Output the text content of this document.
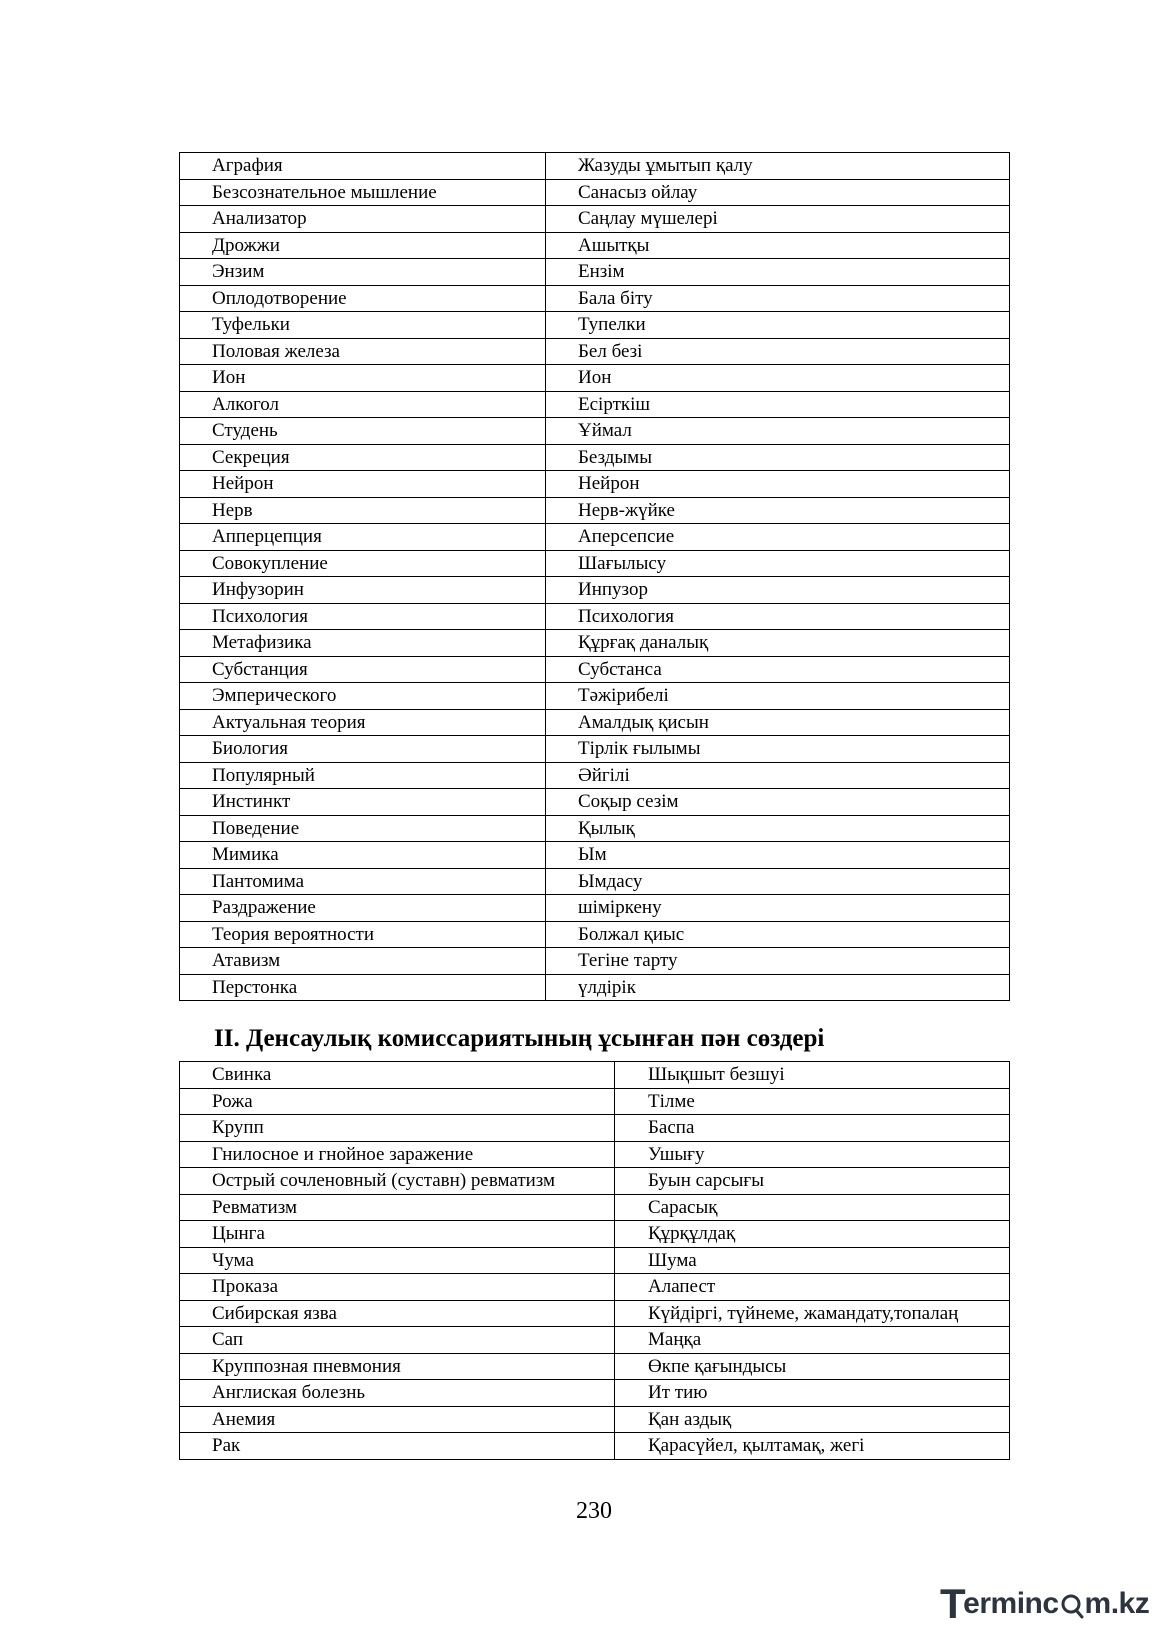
Аграфия	Жазуды ұмытып қалу
Безсознательное мышление	Санасыз ойлау
Анализатор	Саңлау мүшелері
Дрожжи	Ашытқы
Энзим	Ензім
Оплодотворение	Бала біту
Туфельки	Тупелки
Половая железа	Бел безі
Ион	Ион
Алкогол	Есірткіш
Студень	Ұймал
Секреция	Бездымы
Нейрон	Нейрон
Нерв	Нерв-жүйке
Апперцепция	Аперсепсие
Совокупление	Шағылысу
Инфузорин	Инпузор
Психология	Психология
Метафизика	Құрғақ даналық
Субстанция	Субстанса
Эмперического	Тәжірибелі
Актуальная теория	Амалдық қисын
Биология	Тірлік ғылымы
Популярный	Әйгілі
Инстинкт	Соқыр сезім
Поведение	Қылық
Мимика	Ым
Пантомима	Ымдасу
Раздражение	шіміркену
Теория вероятности	Болжал қиыс
Атавизм	Тегіне тарту
Перстонка	үлдірік
II. Денсаулық комиссариятының ұсынған пән сөздері
Свинка	Шықшыт безшуі
Рожа	Тілме
Крупп	Баспа
Гнилосное и гнойное заражение	Ушығу
Острый сочленовный (суставн) ревматизм	Буын сарсығы
Ревматизм	Сарасық
Цынга	Құрқұлдақ
Чума	Шума
Проказа	Алапест
Сибирская язва	Күйдіргі, түйнеме, жамандату,топалаң
Сап	Маңқа
Круппозная пневмония	Өкпе қағындысы
Англиская болезнь	Ит тию
Анемия	Қан аздық
Рак	Қарасүйел, қылтамақ, жегі
230
T
erminc m.kz
